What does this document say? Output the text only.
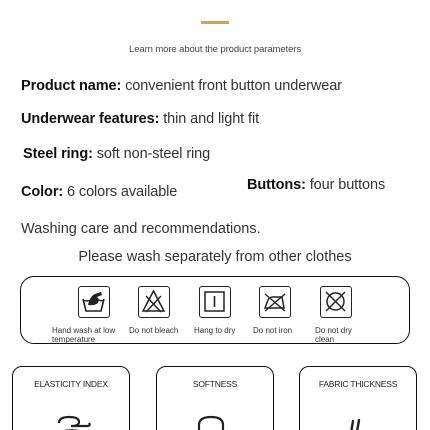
Learn more about the product parameters
Product name: convenient front button underwear
Underwear features: thin and light fit
Steel ring: soft non-steel ring
Color: 6 colors available	Buttons: four buttons
Washing care and recommendations.
Please wash separately from other clothes
Hand wash at low
temperature
Do not bleach Hang to dry Do not iron	Do not dry
clean
ELASTICITY INDEX	SOFTNESS	FABRIC THICKNESS
